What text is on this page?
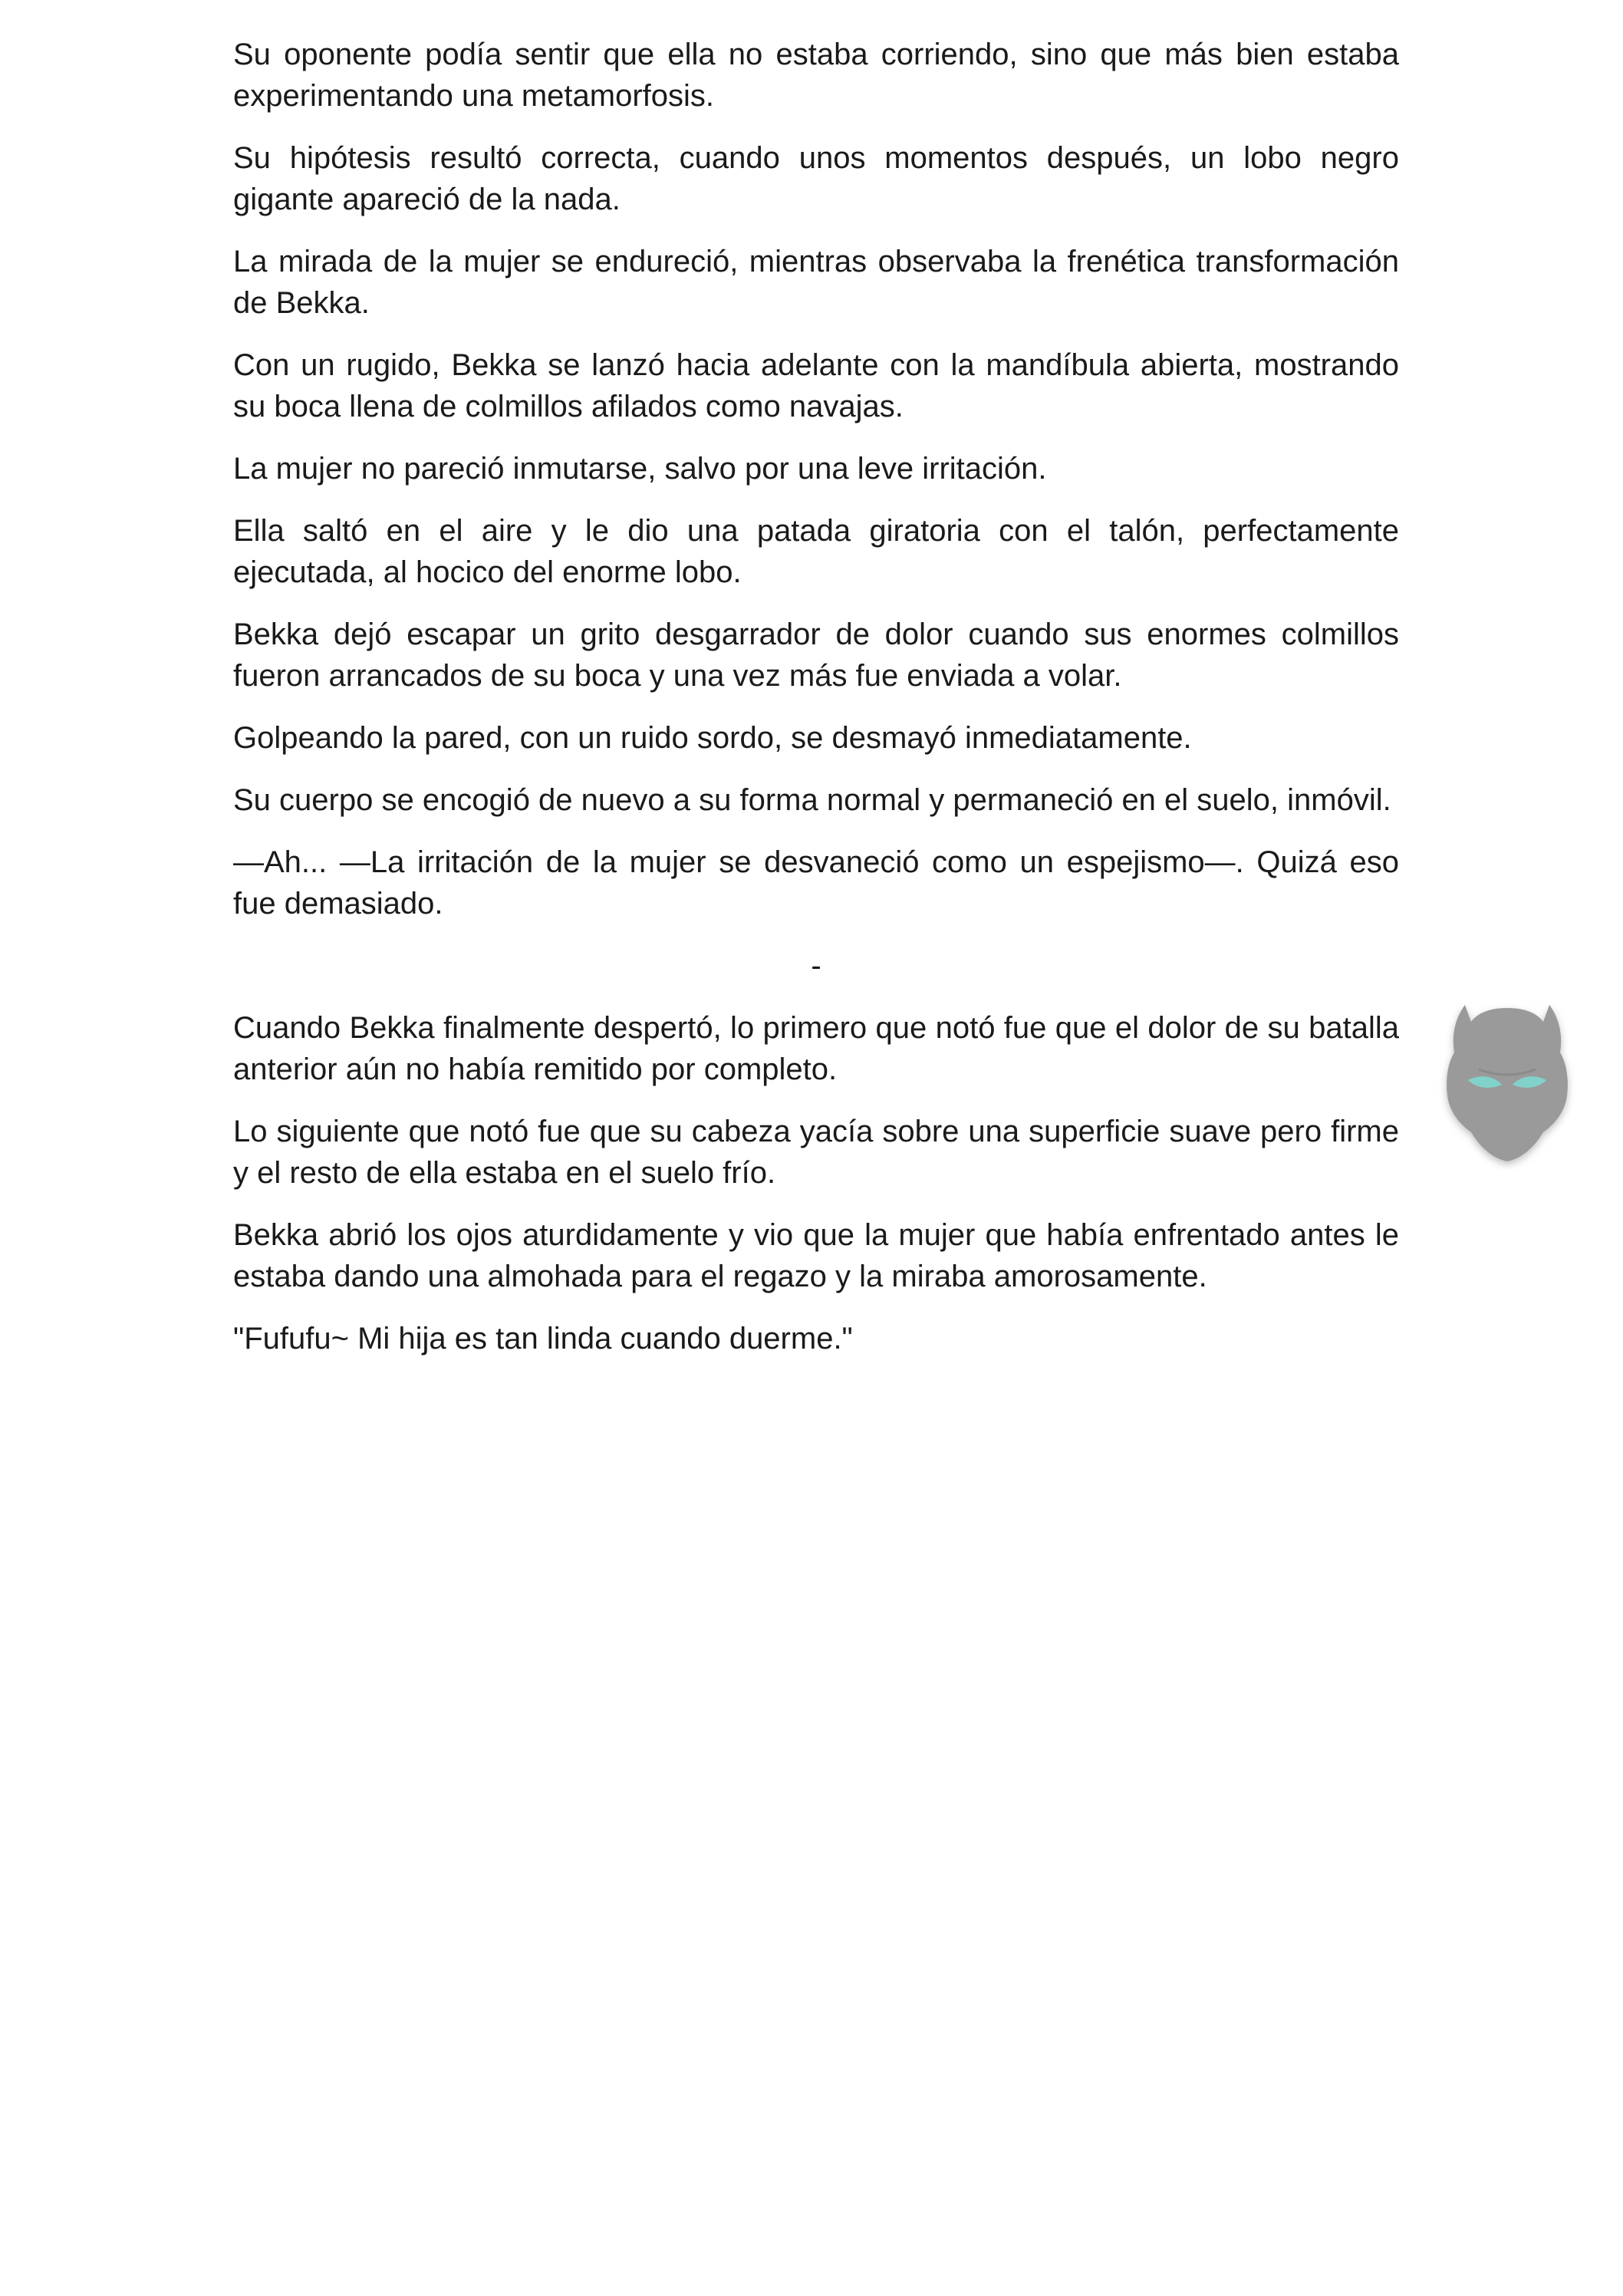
Su oponente podía sentir que ella no estaba corriendo, sino que más bien estaba experimentando una metamorfosis.

Su hipótesis resultó correcta, cuando unos momentos después, un lobo negro gigante apareció de la nada.

La mirada de la mujer se endureció, mientras observaba la frenética transformación de Bekka.

Con un rugido, Bekka se lanzó hacia adelante con la mandíbula abierta, mostrando su boca llena de colmillos afilados como navajas.

La mujer no pareció inmutarse, salvo por una leve irritación.

Ella saltó en el aire y le dio una patada giratoria con el talón, perfectamente ejecutada, al hocico del enorme lobo.

Bekka dejó escapar un grito desgarrador de dolor cuando sus enormes colmillos fueron arrancados de su boca y una vez más fue enviada a volar.

Golpeando la pared, con un ruido sordo, se desmayó inmediatamente.

Su cuerpo se encogió de nuevo a su forma normal y permaneció en el suelo, inmóvil.

—Ah... —La irritación de la mujer se desvaneció como un espejismo—. Quizá eso fue demasiado.

-

Cuando Bekka finalmente despertó, lo primero que notó fue que el dolor de su batalla anterior aún no había remitido por completo.

Lo siguiente que notó fue que su cabeza yacía sobre una superficie suave pero firme y el resto de ella estaba en el suelo frío.

Bekka abrió los ojos aturdidamente y vio que la mujer que había enfrentado antes le estaba dando una almohada para el regazo y la miraba amorosamente.

"Fufufu~ Mi hija es tan linda cuando duerme."
